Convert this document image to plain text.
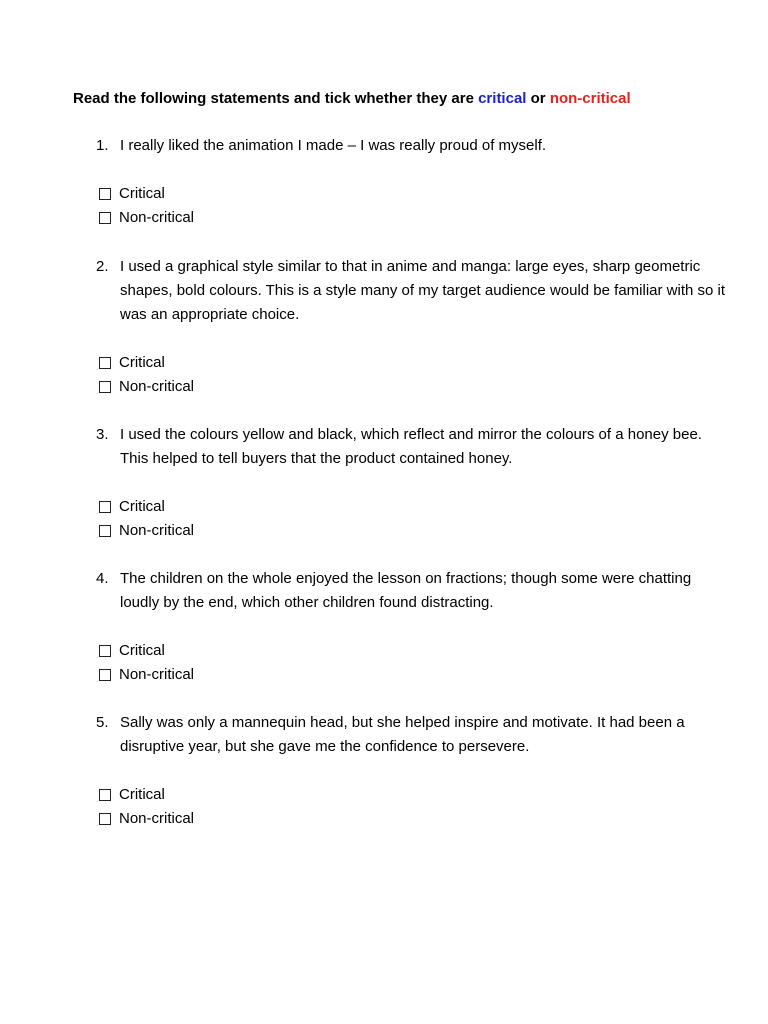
Read the following statements and tick whether they are critical or non-critical
1. I really liked the animation I made – I was really proud of myself.
Critical
Non-critical
2. I used a graphical style similar to that in anime and manga: large eyes, sharp geometric shapes, bold colours. This is a style many of my target audience would be familiar with so it was an appropriate choice.
Critical
Non-critical
3. I used the colours yellow and black, which reflect and mirror the colours of a honey bee. This helped to tell buyers that the product contained honey.
Critical
Non-critical
4. The children on the whole enjoyed the lesson on fractions; though some were chatting loudly by the end, which other children found distracting.
Critical
Non-critical
5. Sally was only a mannequin head, but she helped inspire and motivate. It had been a disruptive year, but she gave me the confidence to persevere.
Critical
Non-critical
